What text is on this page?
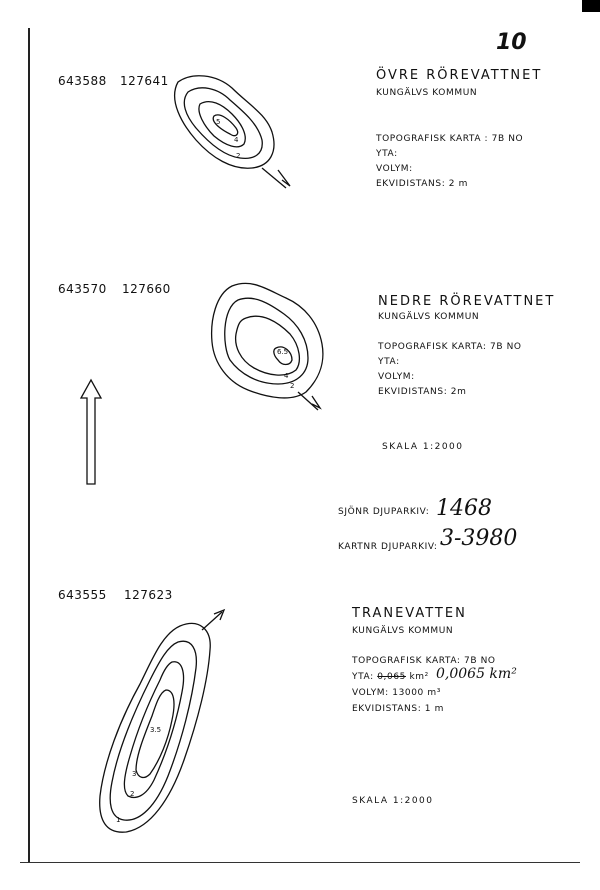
10
643588 127641	ÖVRE RÖREVATTNET
KUNGÄLVS KOMMUN
TOPOGRAFISK KARTA : 7B NO
YTA:
VOLYM:
EKVIDISTANS: 2 m
643570 127660
NEDRE RÖREVATTNET
KUNGÄLVS KOMMUN
TOPOGRAFISK KARTA: 7B NO
YTA:
VOLYM:
EKVIDISTANS: 2m
SKALA 1:2000
SJÖNR DJUPARKIV: 1468
KARTNR DJUPARKIV: 3-3980
643555 127623
TRANEVATTEN
KUNGÄLVS KOMMUN
TOPOGRAFISK KARTA: 7B NO
YTA: 0,065 km² 0,0065 km²
VOLYM: 13000 m³
EKVIDISTANS: 1 m
SKALA 1:2000
2
4
5
2
4
6.5
1
2
3
3.5
